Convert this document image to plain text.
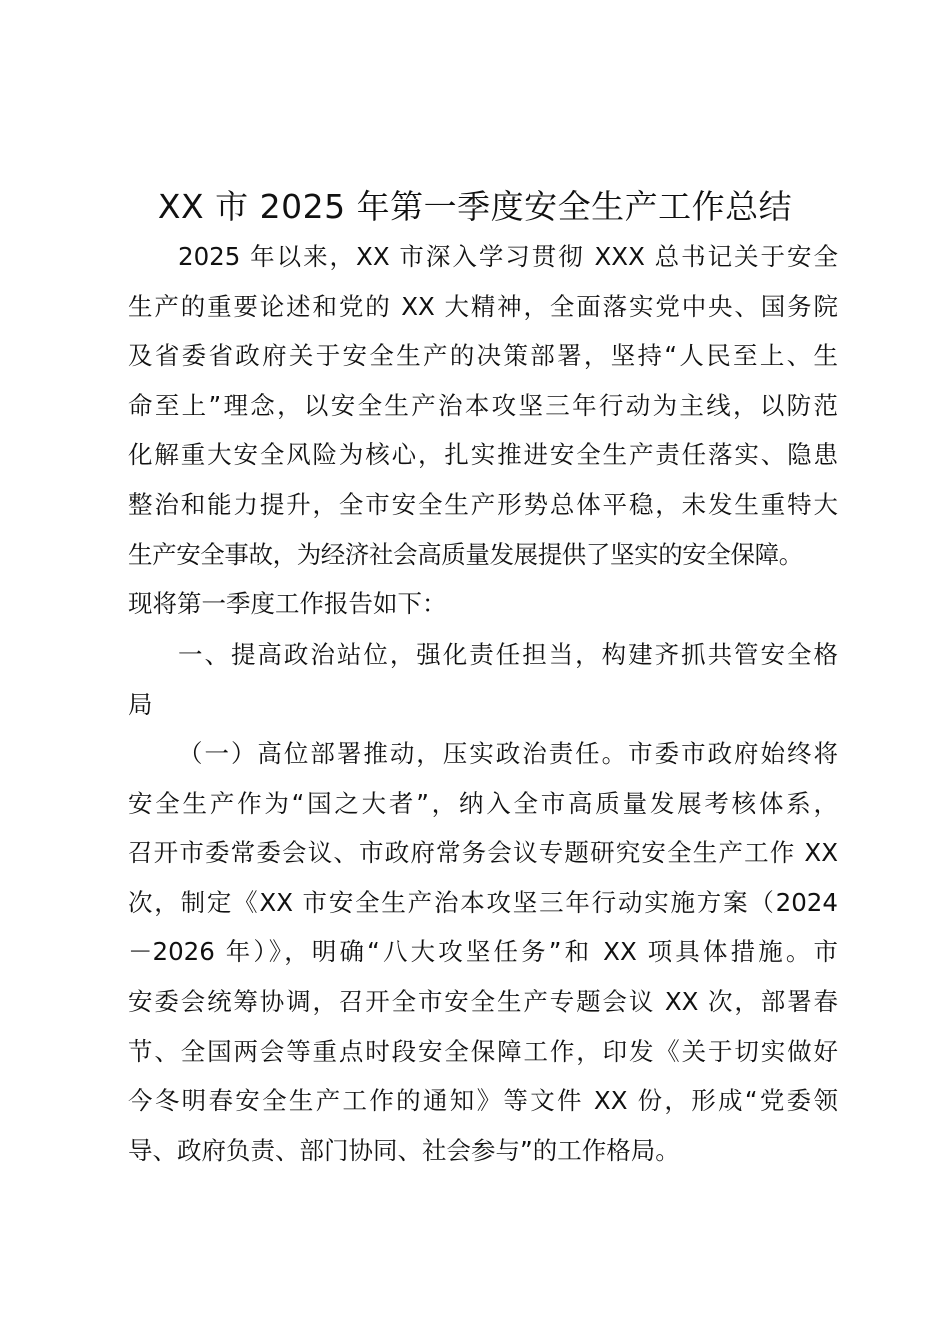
XX 市 2025 年第一季度安全生产工作总结
2025 年以来，XX 市深入学习贯彻 XXX 总书记关于安全
生产的重要论述和党的 XX 大精神，全面落实党中央、国务院
及省委省政府关于安全生产的决策部署，坚持“人民至上、生
命至上”理念，以安全生产治本攻坚三年行动为主线，以防范
化解重大安全风险为核心，扎实推进安全生产责任落实、隐患
整治和能力提升，全市安全生产形势总体平稳，未发生重特大
生产安全事故，为经济社会高质量发展提供了坚实的安全保障。
现将第一季度工作报告如下：
一、提高政治站位，强化责任担当，构建齐抓共管安全格
局
（一）高位部署推动，压实政治责任。市委市政府始终将
安全生产作为“国之大者”，纳入全市高质量发展考核体系，
召开市委常委会议、市政府常务会议专题研究安全生产工作 XX
次，制定《XX 市安全生产治本攻坚三年行动实施方案（2024
－2026 年）》，明确“八大攻坚任务”和 XX 项具体措施。市
安委会统筹协调，召开全市安全生产专题会议 XX 次，部署春
节、全国两会等重点时段安全保障工作，印发《关于切实做好
今冬明春安全生产工作的通知》等文件 XX 份，形成“党委领
导、政府负责、部门协同、社会参与”的工作格局。
